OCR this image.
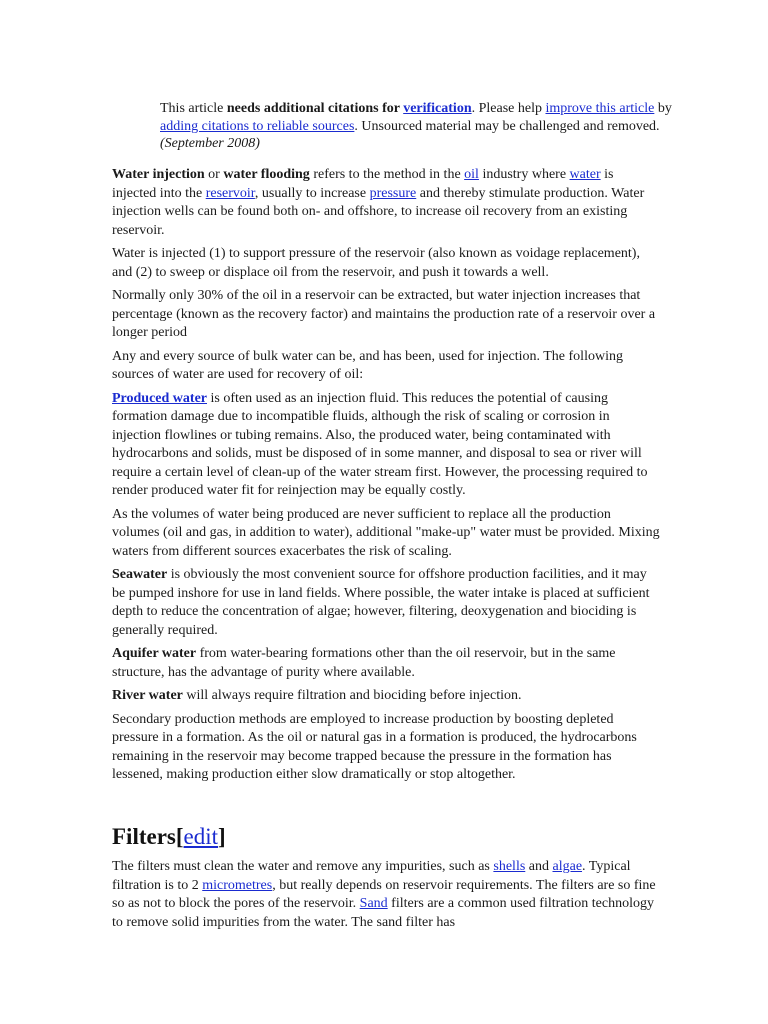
This article needs additional citations for verification. Please help improve this article by adding citations to reliable sources. Unsourced material may be challenged and removed. (September 2008)

Water injection or water flooding refers to the method in the oil industry where water is injected into the reservoir, usually to increase pressure and thereby stimulate production. Water injection wells can be found both on- and offshore, to increase oil recovery from an existing reservoir.

Water is injected (1) to support pressure of the reservoir (also known as voidage replacement), and (2) to sweep or displace oil from the reservoir, and push it towards a well.

Normally only 30% of the oil in a reservoir can be extracted, but water injection increases that percentage (known as the recovery factor) and maintains the production rate of a reservoir over a longer period

Any and every source of bulk water can be, and has been, used for injection. The following sources of water are used for recovery of oil:

Produced water is often used as an injection fluid. This reduces the potential of causing formation damage due to incompatible fluids, although the risk of scaling or corrosion in injection flowlines or tubing remains. Also, the produced water, being contaminated with hydrocarbons and solids, must be disposed of in some manner, and disposal to sea or river will require a certain level of clean-up of the water stream first. However, the processing required to render produced water fit for reinjection may be equally costly.

As the volumes of water being produced are never sufficient to replace all the production volumes (oil and gas, in addition to water), additional "make-up" water must be provided. Mixing waters from different sources exacerbates the risk of scaling.

Seawater is obviously the most convenient source for offshore production facilities, and it may be pumped inshore for use in land fields. Where possible, the water intake is placed at sufficient depth to reduce the concentration of algae; however, filtering, deoxygenation and biociding is generally required.

Aquifer water from water-bearing formations other than the oil reservoir, but in the same structure, has the advantage of purity where available.

River water will always require filtration and biociding before injection.

Secondary production methods are employed to increase production by boosting depleted pressure in a formation. As the oil or natural gas in a formation is produced, the hydrocarbons remaining in the reservoir may become trapped because the pressure in the formation has lessened, making production either slow dramatically or stop altogether.

Filters[edit]
The filters must clean the water and remove any impurities, such as shells and algae. Typical filtration is to 2 micrometres, but really depends on reservoir requirements. The filters are so fine so as not to block the pores of the reservoir. Sand filters are a common used filtration technology to remove solid impurities from the water. The sand filter has
